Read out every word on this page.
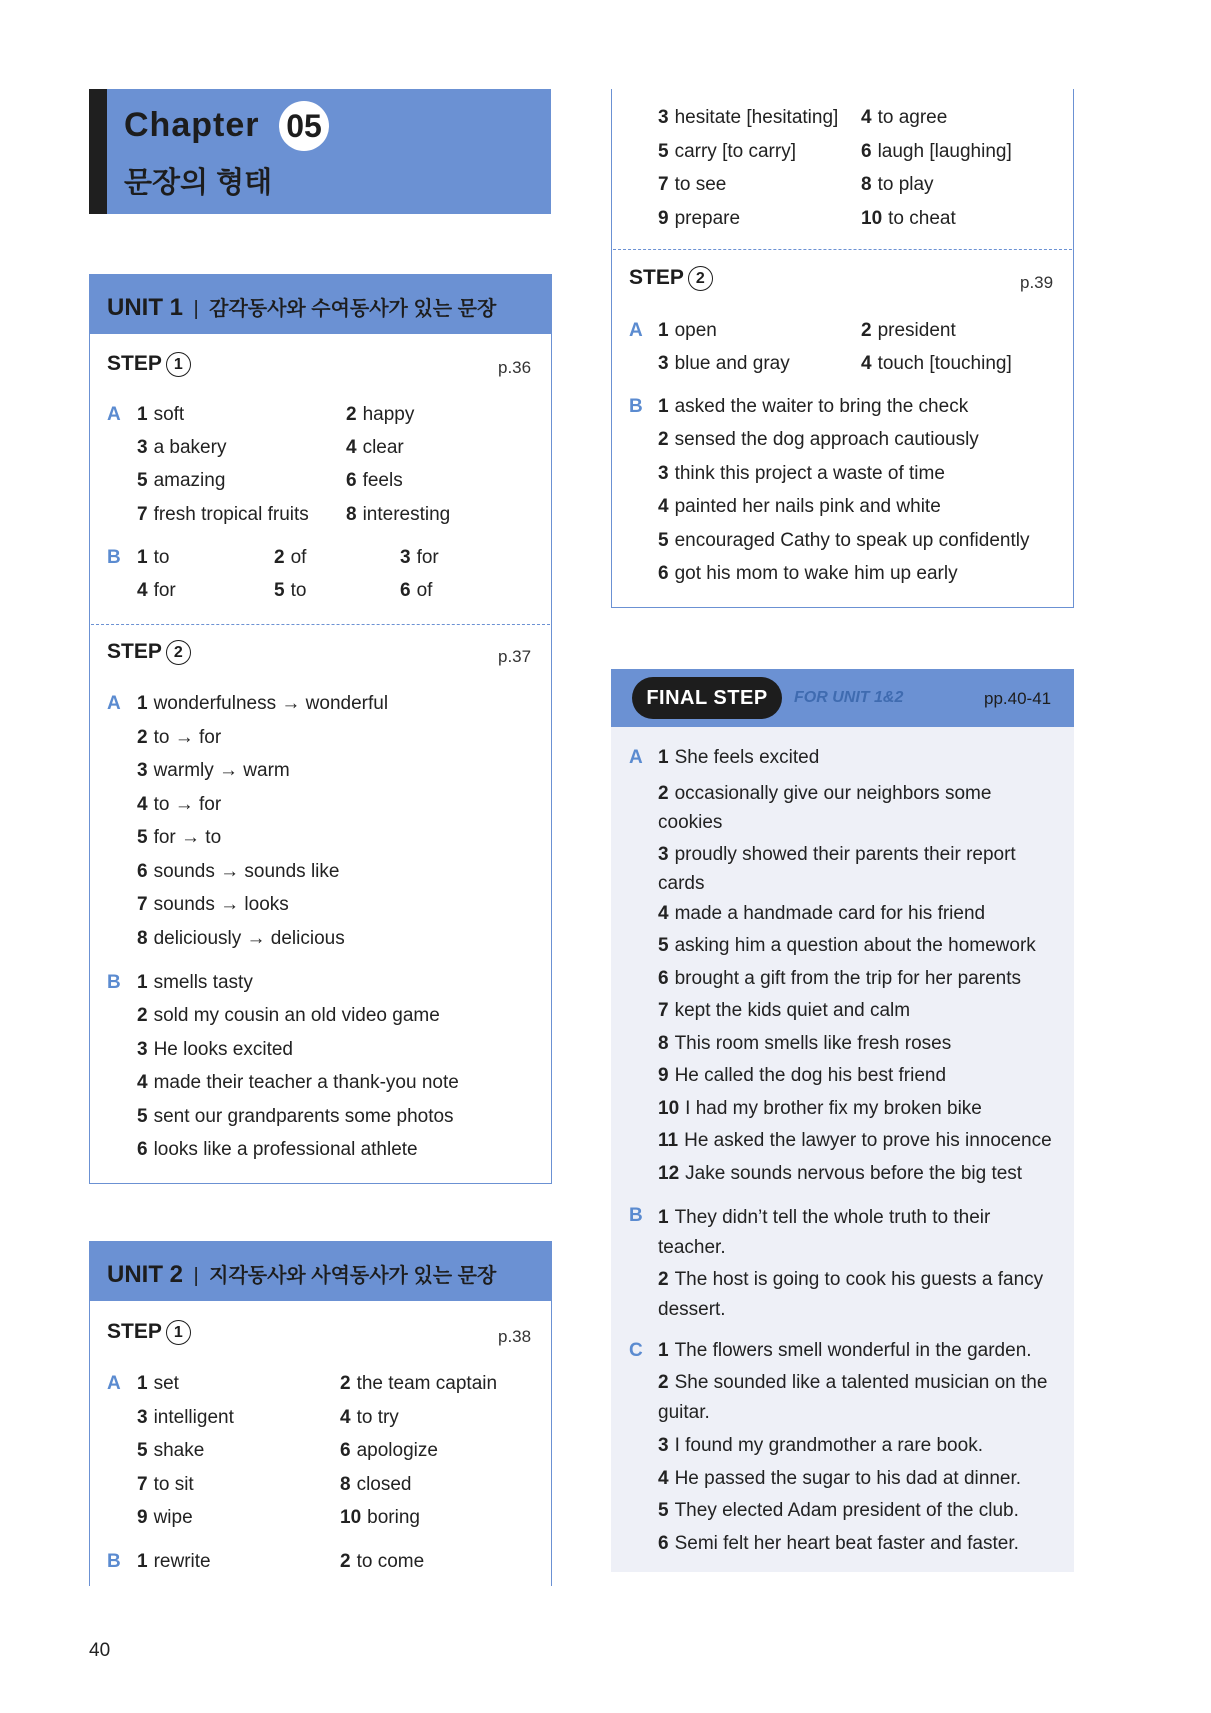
Chapter 05
문장의 형태
UNIT 1 | 감각동사와 수여동사가 있는 문장
STEP 1	p.36
A 1 soft	2 happy
3 a bakery	4 clear
5 amazing	6 feels
7 fresh tropical fruits 8 interesting
B 1 to	2 of	3 for
4 for	5 to	6 of
STEP 2	p.37
A 1 wonderfulness → wonderful
2 to → for
3 warmly → warm
4 to → for
5 for → to
6 sounds → sounds like
7 sounds → looks
8 deliciously → delicious
B 1 smells tasty
2 sold my cousin an old video game
3 He looks excited
4 made their teacher a thank-you note
5 sent our grandparents some photos
6 looks like a professional athlete
UNIT 2 | 지각동사와 사역동사가 있는 문장
STEP 1	p.38
A 1 set	2 the team captain
3 intelligent	4 to try
5 shake	6 apologize
7 to sit	8 closed
9 wipe	10 boring
B 1 rewrite	2 to come
3 hesitate [hesitating] 4 to agree
5 carry [to carry]	6 laugh [laughing]
7 to see	8 to play
9 prepare	10 to cheat
STEP 2	p.39
A 1 open	2 president
3 blue and gray	4 touch [touching]
B 1 asked the waiter to bring the check
2 sensed the dog approach cautiously
3 think this project a waste of time
4 painted her nails pink and white
5 encouraged Cathy to speak up confidently
6 got his mom to wake him up early
FINAL STEP	FOR UNIT 1&2	pp.40-41
A 1 She feels excited
2 occasionally give our neighbors some cookies
3 proudly showed their parents their report cards
4 made a handmade card for his friend
5 asking him a question about the homework
6 brought a gift from the trip for her parents
7 kept the kids quiet and calm
8 This room smells like fresh roses
9 He called the dog his best friend
10 I had my brother fix my broken bike
11 He asked the lawyer to prove his innocence
12 Jake sounds nervous before the big test
B 1 They didn’t tell the whole truth to their teacher.
2 The host is going to cook his guests a fancy dessert.
C 1 The flowers smell wonderful in the garden.
2 She sounded like a talented musician on the guitar.
3 I found my grandmother a rare book.
4 He passed the sugar to his dad at dinner.
5 They elected Adam president of the club.
6 Semi felt her heart beat faster and faster.
40
